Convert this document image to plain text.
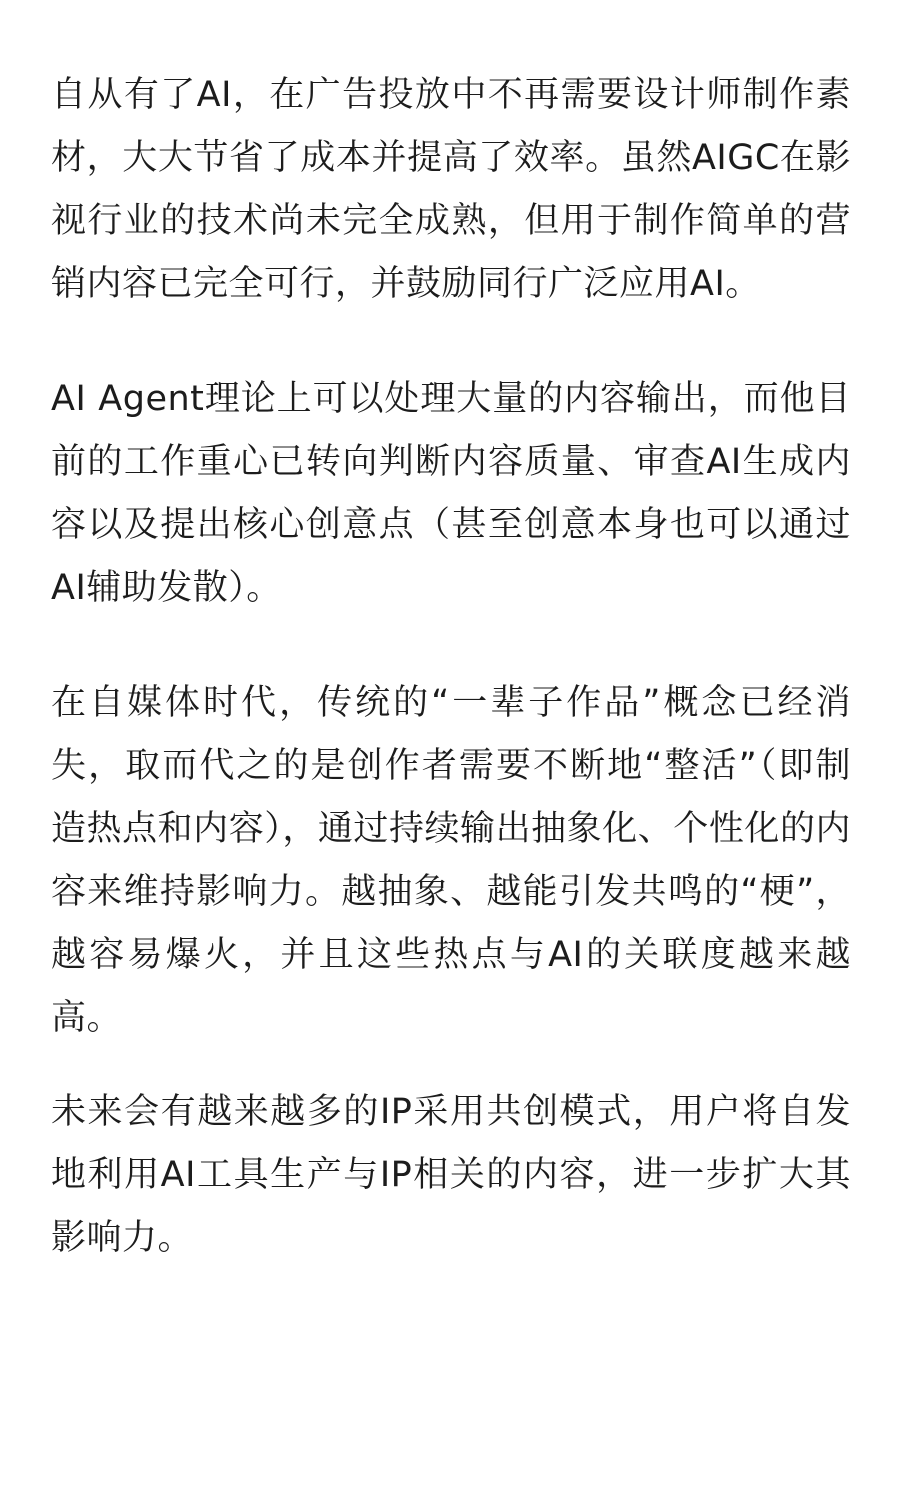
自从有了AI，在广告投放中不再需要设计师制作素材，大大节省了成本并提高了效率。虽然AIGC在影视行业的技术尚未完全成熟，但用于制作简单的营销内容已完全可行，并鼓励同行广泛应用AI。

AI Agent理论上可以处理大量的内容输出，而他目前的工作重心已转向判断内容质量、审查AI生成内容以及提出核心创意点（甚至创意本身也可以通过AI辅助发散）。

在自媒体时代，传统的“一辈子作品”概念已经消失，取而代之的是创作者需要不断地“整活”（即制造热点和内容），通过持续输出抽象化、个性化的内容来维持影响力。越抽象、越能引发共鸣的“梗”，越容易爆火，并且这些热点与AI的关联度越来越高。

未来会有越来越多的IP采用共创模式，用户将自发地利用AI工具生产与IP相关的内容，进一步扩大其影响力。
